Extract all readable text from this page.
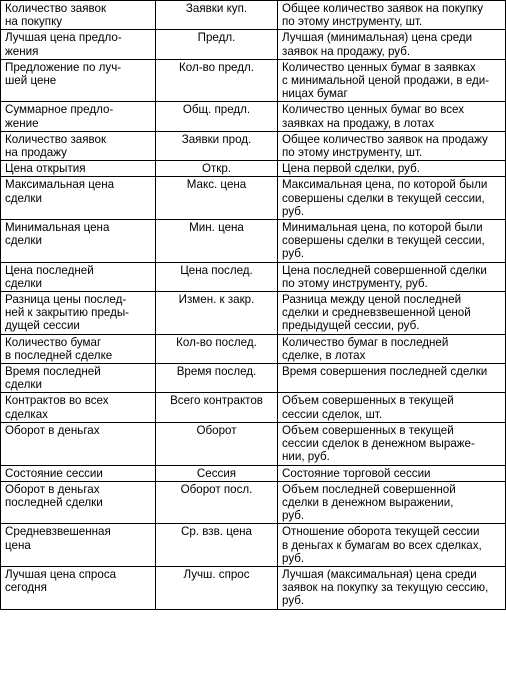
Количество заявок
на покупку	Заявки куп.	Общее количество заявок на покупку
по этому инструменту, шт.
Лучшая цена предло-
жения	Предл.	Лучшая (минимальная) цена среди
заявок на продажу, руб.
Предложение по луч-
шей цене	Кол-во предл.	Количество ценных бумаг в заявках
с минимальной ценой продажи, в еди-
ницах бумаг
Суммарное предло-
жение	Общ. предл.	Количество ценных бумаг во всех
заявках на продажу, в лотах
Количество заявок
на продажу	Заявки прод.	Общее количество заявок на продажу
по этому инструменту, шт.
Цена открытия	Откр.	Цена первой сделки, руб.
Максимальная цена
сделки	Макс. цена	Максимальная цена, по которой были
совершены сделки в текущей сессии,
руб.
Минимальная цена
сделки	Мин. цена	Минимальная цена, по которой были
совершены сделки в текущей сессии,
руб.
Цена последней
сделки	Цена послед.	Цена последней совершенной сделки
по этому инструменту, руб.
Разница цены послед-
ней к закрытию преды-
дущей сессии	Измен. к закр.	Разница между ценой последней
сделки и средневзвешенной ценой
предыдущей сессии, руб.
Количество бумаг
в последней сделке	Кол-во послед.	Количество бумаг в последней
сделке, в лотах
Время последней
сделки	Время послед.	Время совершения последней сделки
Контрактов во всех
сделках	Всего контрактов	Объем совершенных в текущей
сессии сделок, шт.
Оборот в деньгах	Оборот	Объем совершенных в текущей
сессии сделок в денежном выраже-
нии, руб.
Состояние сессии	Сессия	Состояние торговой сессии
Оборот в деньгах
последней сделки	Оборот посл.	Объем последней совершенной
сделки в денежном выражении,
руб.
Средневзвешенная
цена	Ср. взв. цена	Отношение оборота текущей сессии
в деньгах к бумагам во всех сделках,
руб.
Лучшая цена спроса
сегодня	Лучш. спрос	Лучшая (максимальная) цена среди
заявок на покупку за текущую сессию,
руб.
